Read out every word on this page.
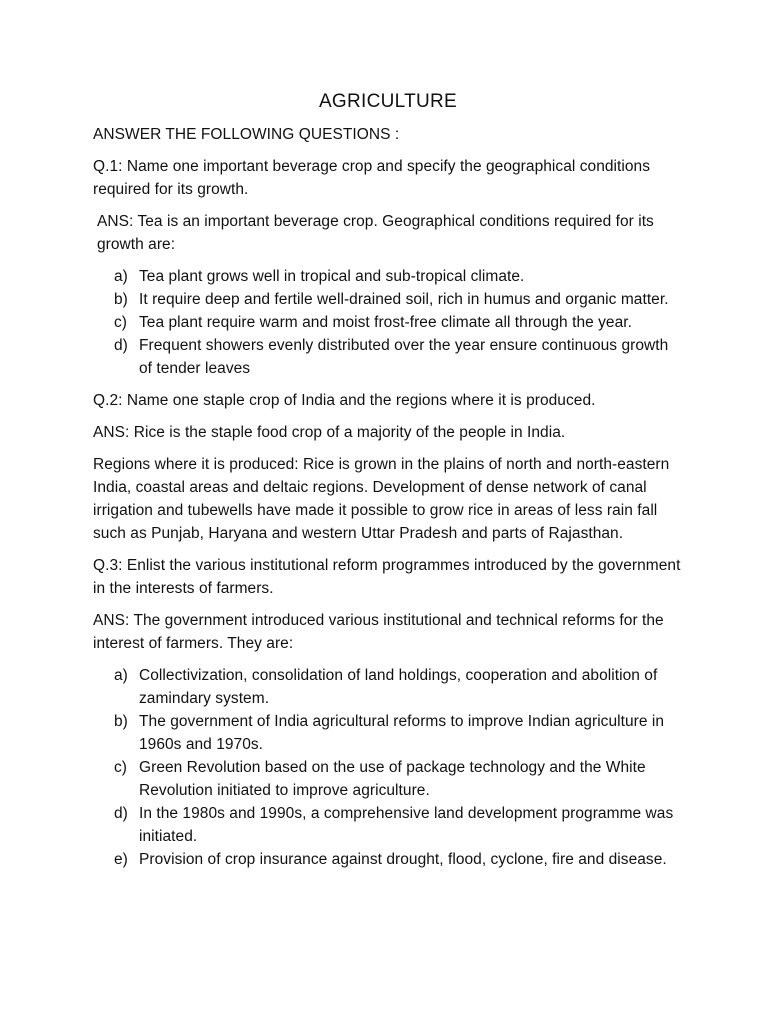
AGRICULTURE

ANSWER THE FOLLOWING QUESTIONS :

Q.1: Name one important beverage crop and specify the geographical conditions required for its growth.

ANS: Tea is an important beverage crop. Geographical conditions required for its growth are:

a) Tea plant grows well in tropical and sub-tropical climate.
b) It require deep and fertile well-drained soil, rich in humus and organic matter.
c) Tea plant require warm and moist frost-free climate all through the year.
d) Frequent showers evenly distributed over the year ensure continuous growth of tender leaves

Q.2: Name one staple crop of India and the regions where it is produced.

ANS: Rice is the staple food crop of a majority of the people in India.

Regions where it is produced: Rice is grown in the plains of north and north-eastern India, coastal areas and deltaic regions. Development of dense network of canal irrigation and tubewells have made it possible to grow rice in areas of less rain fall such as Punjab, Haryana and western Uttar Pradesh and parts of Rajasthan.

Q.3: Enlist the various institutional reform programmes introduced by the government in the interests of farmers.

ANS: The government introduced various institutional and technical reforms for the interest of farmers. They are:

a) Collectivization, consolidation of land holdings, cooperation and abolition of zamindary system.
b) The government of India agricultural reforms to improve Indian agriculture in 1960s and 1970s.
c) Green Revolution based on the use of package technology and the White Revolution initiated to improve agriculture.
d) In the 1980s and 1990s, a comprehensive land development programme was initiated.
e) Provision of crop insurance against drought, flood, cyclone, fire and disease.
